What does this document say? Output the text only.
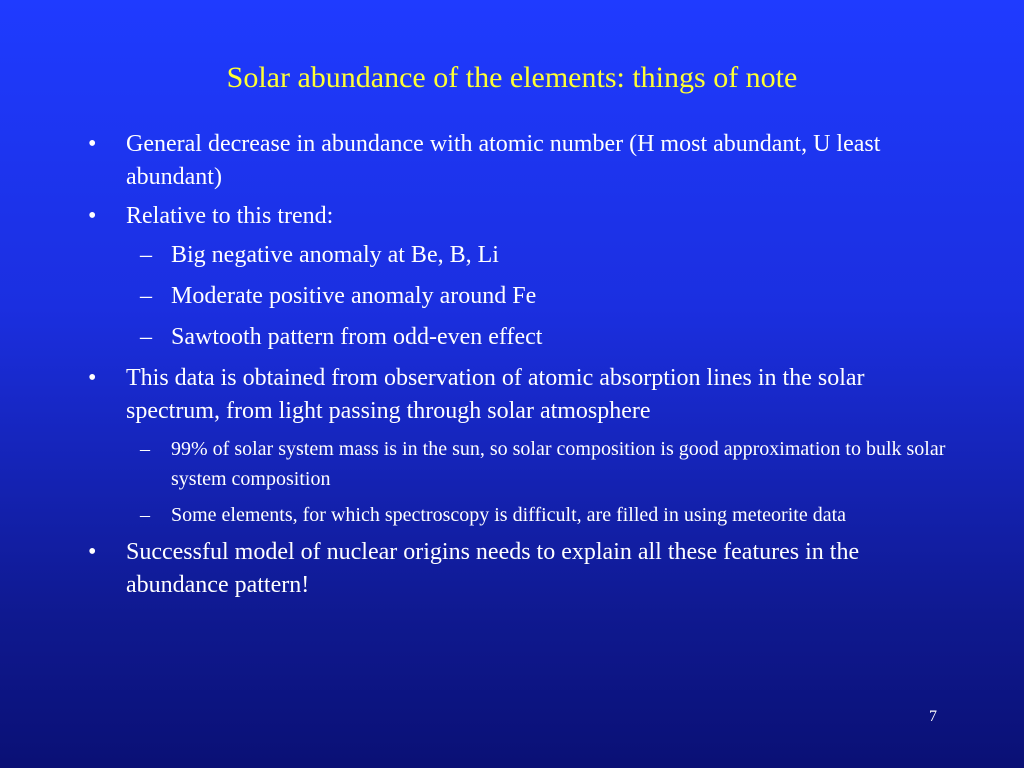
Solar abundance of the elements: things of note
• General decrease in abundance with atomic number (H most abundant, U least abundant)
• Relative to this trend:
– Big negative anomaly at Be, B, Li
– Moderate positive anomaly around Fe
– Sawtooth pattern from odd-even effect
• This data is obtained from observation of atomic absorption lines in the solar spectrum, from light passing through solar atmosphere
– 99% of solar system mass is in the sun, so solar composition is good approximation to bulk solar system composition
– Some elements, for which spectroscopy is difficult, are filled in using meteorite data
• Successful model of nuclear origins needs to explain all these features in the abundance pattern!
7
